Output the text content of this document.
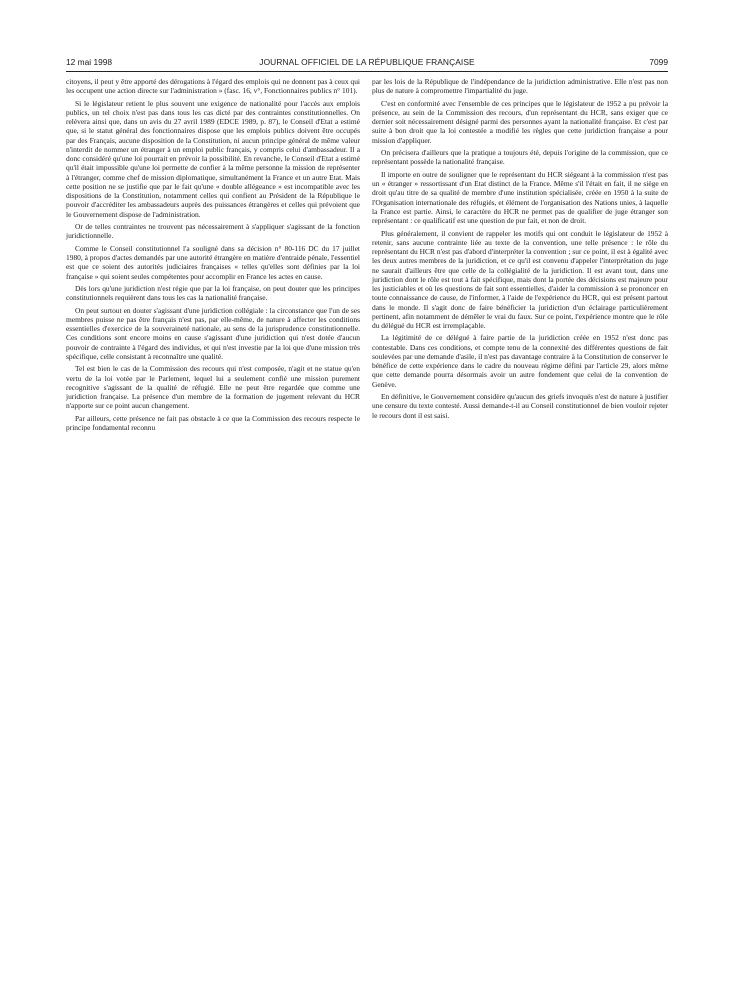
12 mai 1998	JOURNAL OFFICIEL DE LA RÉPUBLIQUE FRANÇAISE	7099

citoyens, il peut y être apporté des dérogations à l'égard des emplois qui ne donnent pas à ceux qui les occupent une action directe sur l'administration » (fasc. 16, v°, Fonctionnaires publics n° 101).

Si le législateur retient le plus souvent une exigence de nationalité pour l'accès aux emplois publics, un tel choix n'est pas dans tous les cas dicté par des contraintes constitutionnelles. On relèvera ainsi que, dans un avis du 27 avril 1989 (EDCE 1989, p. 87), le Conseil d'Etat a estimé que, si le statut général des fonctionnaires dispose que les emplois publics doivent être occupés par des Français, aucune disposition de la Constitution, ni aucun principe général de même valeur n'interdit de nommer un étranger à un emploi public français, y compris celui d'ambassadeur. Il a donc considéré qu'une loi pourrait en prévoir la possibilité. En revanche, le Conseil d'Etat a estimé qu'il était impossible qu'une loi permette de confier à la même personne la mission de représenter à l'étranger, comme chef de mission diplomatique, simultanément la France et un autre Etat. Mais cette position ne se justifie que par le fait qu'une « double allégeance » est incompatible avec les dispositions de la Constitution, notamment celles qui confient au Président de la République le pouvoir d'accréditer les ambassadeurs auprès des puissances étrangères et celles qui prévoient que le Gouvernement dispose de l'administration.

Or de telles contraintes ne trouvent pas nécessairement à s'appliquer s'agissant de la fonction juridictionnelle.

Comme le Conseil constitutionnel l'a souligné dans sa décision n° 80-116 DC du 17 juillet 1980, à propos d'actes demandés par une autorité étrangère en matière d'entraide pénale, l'essentiel est que ce soient des autorités judiciaires françaises « telles qu'elles sont définies par la loi française » qui soient seules compétentes pour accomplir en France les actes en cause.

Dès lors qu'une juridiction n'est régie que par la loi française, on peut douter que les principes constitutionnels requièrent dans tous les cas la nationalité française.

On peut surtout en douter s'agissant d'une juridiction collégiale : la circonstance que l'un de ses membres puisse ne pas être français n'est pas, par elle-même, de nature à affecter les conditions essentielles d'exercice de la souveraineté nationale, au sens de la jurisprudence constitutionnelle. Ces conditions sont encore moins en cause s'agissant d'une juridiction qui n'est dotée d'aucun pouvoir de contrainte à l'égard des individus, et qui n'est investie par la loi que d'une mission très spécifique, celle consistant à reconnaître une qualité.

Tel est bien le cas de la Commission des recours qui n'est composée, n'agit et ne statue qu'en vertu de la loi votée par le Parlement, lequel lui a seulement confié une mission purement recognitive s'agissant de la qualité de réfugié. Elle ne peut être regardée que comme une juridiction française. La présence d'un membre de la formation de jugement relevant du HCR n'apporte sur ce point aucun changement.

Par ailleurs, cette présence ne fait pas obstacle à ce que la Commission des recours respecte le principe fondamental reconnu

par les lois de la République de l'indépendance de la juridiction administrative. Elle n'est pas non plus de nature à compromettre l'impartialité du juge.

C'est en conformité avec l'ensemble de ces principes que le législateur de 1952 a pu prévoir la présence, au sein de la Commission des recours, d'un représentant du HCR, sans exiger que ce dernier soit nécessairement désigné parmi des personnes ayant la nationalité française. Et c'est par suite à bon droit que la loi contestée a modifié les règles que cette juridiction française a pour mission d'appliquer.

On précisera d'ailleurs que la pratique a toujours été, depuis l'origine de la commission, que ce représentant possède la nationalité française.

Il importe en outre de souligner que le représentant du HCR siégeant à la commission n'est pas un « étranger » ressortissant d'un Etat distinct de la France. Même s'il l'était en fait, il ne siège en droit qu'au titre de sa qualité de membre d'une institution spécialisée, créée en 1950 à la suite de l'Organisation internationale des réfugiés, et élément de l'organisation des Nations unies, à laquelle la France est partie. Ainsi, le caractère du HCR ne permet pas de qualifier de juge étranger son représentant : ce qualificatif est une question de pur fait, et non de droit.

Plus généralement, il convient de rappeler les motifs qui ont conduit le législateur de 1952 à retenir, sans aucune contrainte liée au texte de la convention, une telle présence : le rôle du représentant du HCR n'est pas d'abord d'interpréter la convention ; sur ce point, il est à égalité avec les deux autres membres de la juridiction, et ce qu'il est convenu d'appeler l'interprétation du juge ne saurait d'ailleurs être que celle de la collégialité de la juridiction. Il est avant tout, dans une juridiction dont le rôle est tout à fait spécifique, mais dont la portée des décisions est majeure pour les justiciables et où les questions de fait sont essentielles, d'aider la commission à se prononcer en toute connaissance de cause, de l'informer, à l'aide de l'expérience du HCR, qui est présent partout dans le monde. Il s'agit donc de faire bénéficier la juridiction d'un éclairage particulièrement pertinent, afin notamment de démêler le vrai du faux. Sur ce point, l'expérience montre que le rôle du délégué du HCR est irremplaçable.

La légitimité de ce délégué à faire partie de la juridiction créée en 1952 n'est donc pas contestable. Dans ces conditions, et compte tenu de la connexité des différentes questions de fait soulevées par une demande d'asile, il n'est pas davantage contraire à la Constitution de conserver le bénéfice de cette expérience dans le cadre du nouveau régime défini par l'article 29, alors même que cette demande pourra désormais avoir un autre fondement que celui de la convention de Genève.

En définitive, le Gouvernement considère qu'aucun des griefs invoqués n'est de nature à justifier une censure du texte contesté. Aussi demande-t-il au Conseil constitutionnel de bien vouloir rejeter le recours dont il est saisi.
